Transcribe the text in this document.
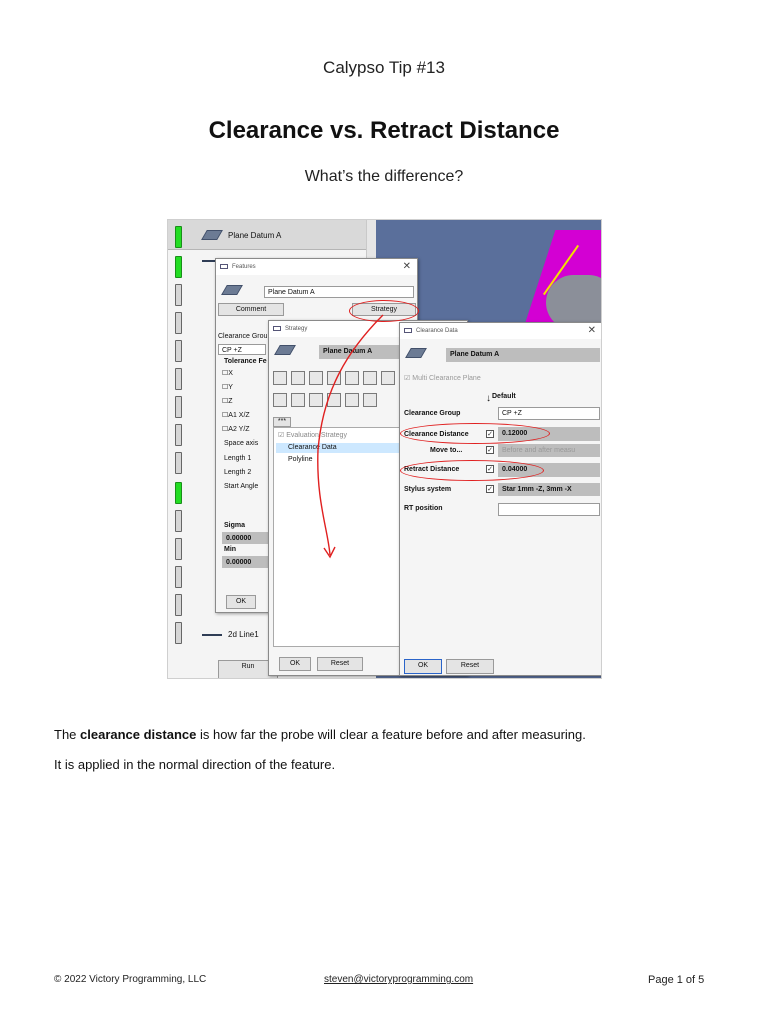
Calypso Tip #13
Clearance vs. Retract Distance
What’s the difference?
Plane Datum A
2d Line1
Run
Features	✕
Plane Datum A
Comment	Strategy
Clearance Grou
CP +Z
Tolerance Fe
☐X
☐Y
☐Z
☐A1 X/Z
☐A2 Y/Z
Space axis
Length 1
Length 2
Start Angle
Sigma
0.00000
Min
0.00000
OK
Strategy
Plane Datum A
***
☑ Evaluation Strategy
Clearance Data
Polyline
OK	Reset
Clearance Data	✕
Plane Datum A
☑ Multi Clearance Plane
Default
↓
Clearance Group	CP +Z
Clearance Distance	✓	0.12000
Move to...	✓	Before and after measu
Retract Distance	✓	0.04000
Stylus system	✓	Star 1mm -Z, 3mm -X
RT position
OK	Reset
The clearance distance is how far the probe will clear a feature before and after measuring.
It is applied in the normal direction of the feature.
© 2022 Victory Programming, LLC	steven@victoryprogramming.com	Page 1 of 5
